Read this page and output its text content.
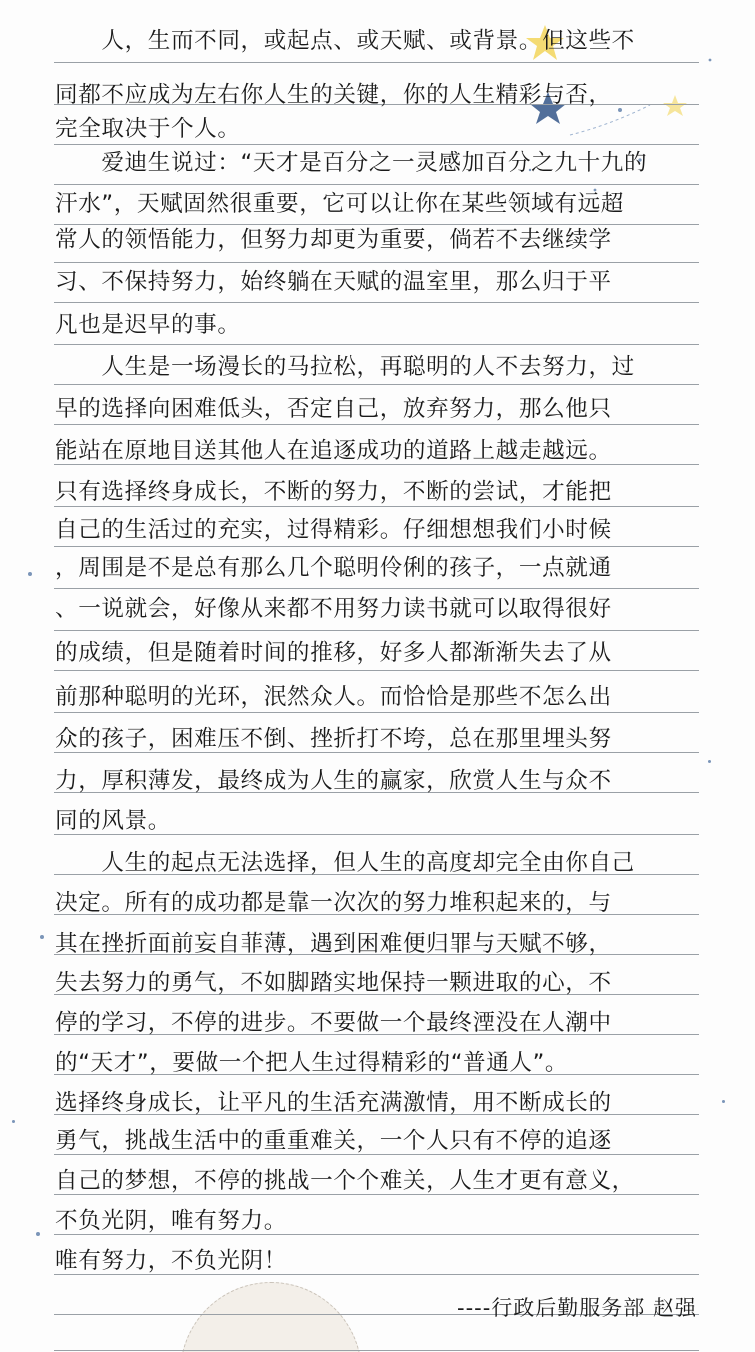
　　人，生而不同，或起点、或天赋、或背景。但这些不
同都不应成为左右你人生的关键，你的人生精彩与否，
完全取决于个人。
　　爱迪生说过：“天才是百分之一灵感加百分之九十九的
汗水”，天赋固然很重要，它可以让你在某些领域有远超
常人的领悟能力，但努力却更为重要，倘若不去继续学
习、不保持努力，始终躺在天赋的温室里，那么归于平
凡也是迟早的事。
　　人生是一场漫长的马拉松，再聪明的人不去努力，过
早的选择向困难低头，否定自己，放弃努力，那么他只
能站在原地目送其他人在追逐成功的道路上越走越远。
只有选择终身成长，不断的努力，不断的尝试，才能把
自己的生活过的充实，过得精彩。仔细想想我们小时候
，周围是不是总有那么几个聪明伶俐的孩子，一点就通
、一说就会，好像从来都不用努力读书就可以取得很好
的成绩，但是随着时间的推移，好多人都渐渐失去了从
前那种聪明的光环，泯然众人。而恰恰是那些不怎么出
众的孩子，困难压不倒、挫折打不垮，总在那里埋头努
力，厚积薄发，最终成为人生的赢家，欣赏人生与众不
同的风景。
　　人生的起点无法选择，但人生的高度却完全由你自己
决定。所有的成功都是靠一次次的努力堆积起来的，与
其在挫折面前妄自菲薄，遇到困难便归罪与天赋不够，
失去努力的勇气，不如脚踏实地保持一颗进取的心，不
停的学习，不停的进步。不要做一个最终湮没在人潮中
的“天才”，要做一个把人生过得精彩的“普通人”。
选择终身成长，让平凡的生活充满激情，用不断成长的
勇气，挑战生活中的重重难关，一个人只有不停的追逐
自己的梦想，不停的挑战一个个难关，人生才更有意义，
不负光阴，唯有努力。
唯有努力，不负光阴！
----行政后勤服务部 赵强
